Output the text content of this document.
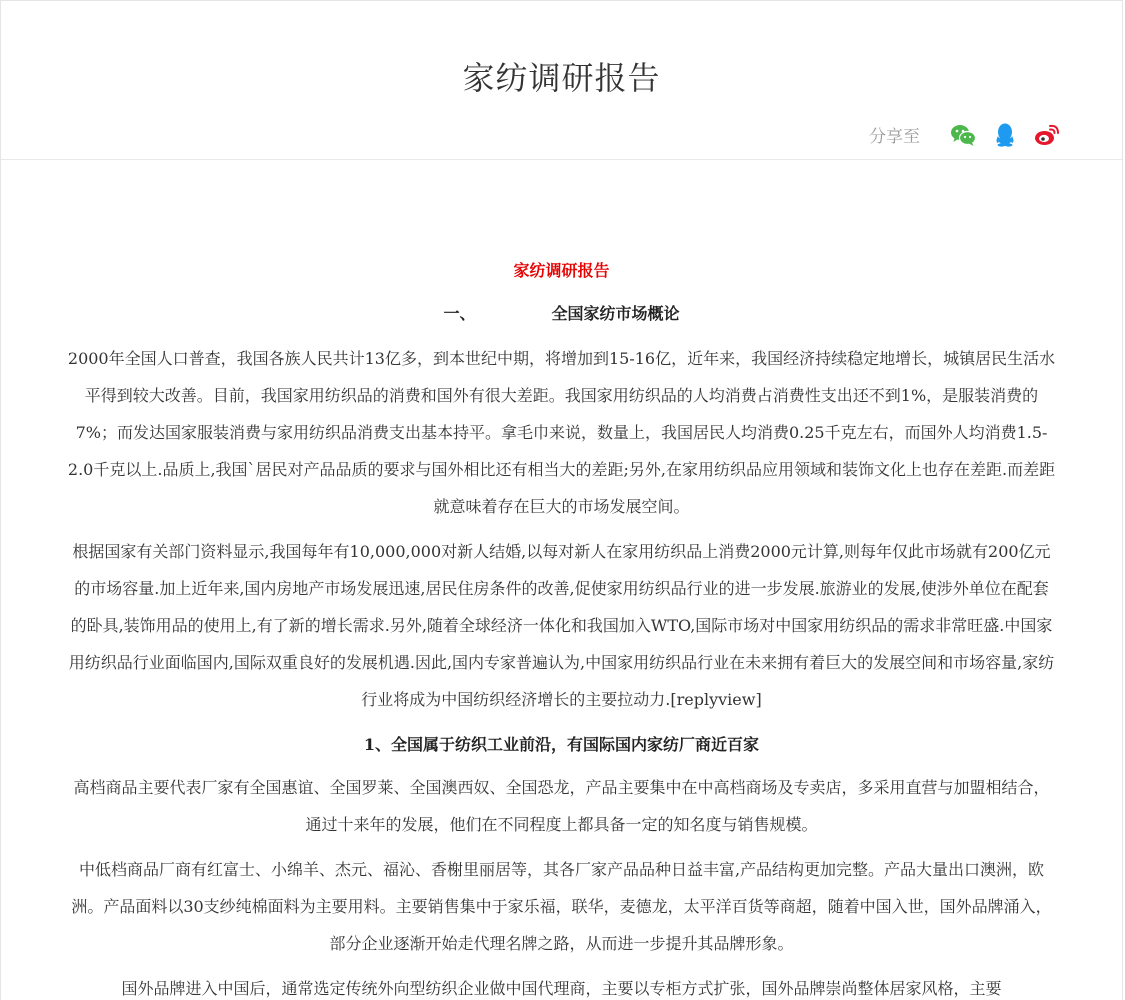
家纺调研报告
分享至

家纺调研报告

一、	全国家纺市场概论

2000年全国人口普查，我国各族人民共计13亿多，到本世纪中期，将增加到15-16亿，近年来，我国经济持续稳定地增长，城镇居民生活水平得到较大改善。目前，我国家用纺织品的消费和国外有很大差距。我国家用纺织品的人均消费占消费性支出还不到1%，是服装消费的7%；而发达国家服装消费与家用纺织品消费支出基本持平。拿毛巾来说，数量上，我国居民人均消费0.25千克左右，而国外人均消费1.5-2.0千克以上.品质上,我国`居民对产品品质的要求与国外相比还有相当大的差距;另外,在家用纺织品应用领域和装饰文化上也存在差距.而差距就意味着存在巨大的市场发展空间。

根据国家有关部门资料显示,我国每年有10,000,000对新人结婚,以每对新人在家用纺织品上消费2000元计算,则每年仅此市场就有200亿元的市场容量.加上近年来,国内房地产市场发展迅速,居民住房条件的改善,促使家用纺织品行业的进一步发展.旅游业的发展,使涉外单位在配套的卧具,装饰用品的使用上,有了新的增长需求.另外,随着全球经济一体化和我国加入WTO,国际市场对中国家用纺织品的需求非常旺盛.中国家用纺织品行业面临国内,国际双重良好的发展机遇.因此,国内专家普遍认为,中国家用纺织品行业在未来拥有着巨大的发展空间和市场容量,家纺行业将成为中国纺织经济增长的主要拉动力.[replyview]

1、全国属于纺织工业前沿，有国际国内家纺厂商近百家

高档商品主要代表厂家有全国惠谊、全国罗莱、全国澳西奴、全国恐龙，产品主要集中在中高档商场及专卖店，多采用直营与加盟相结合，通过十来年的发展，他们在不同程度上都具备一定的知名度与销售规模。

中低档商品厂商有红富士、小绵羊、杰元、福沁、香榭里丽居等，其各厂家产品品种日益丰富,产品结构更加完整。产品大量出口澳洲，欧洲。产品面料以30支纱纯棉面料为主要用料。主要销售集中于家乐福，联华，麦德龙，太平洋百货等商超，随着中国入世，国外品牌涌入，部分企业逐渐开始走代理名牌之路，从而进一步提升其品牌形象。

国外品牌进入中国后，通常选定传统外向型纺织企业做中国代理商，主要以专柜方式扩张，国外品牌崇尚整体居家风格，主要
